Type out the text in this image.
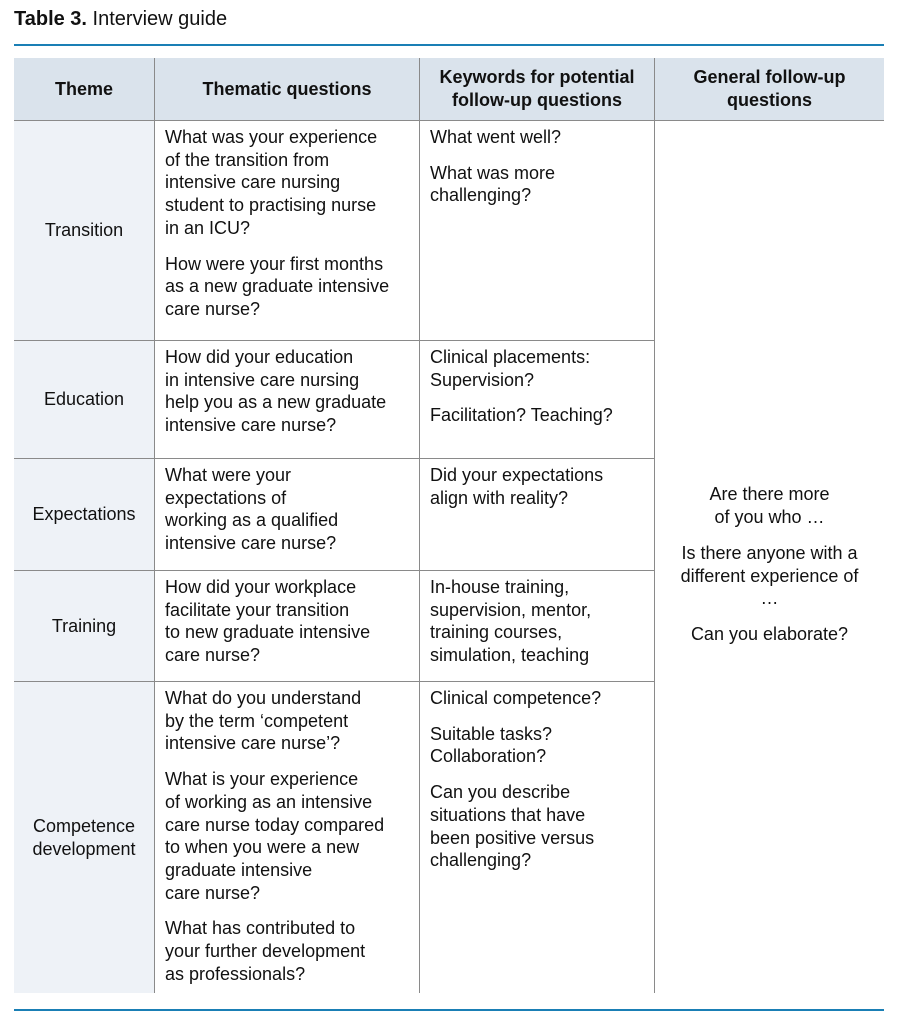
Table 3. Interview guide
Theme	Thematic questions
Keywords for potential
follow-up questions
General follow-up
questions
Transition

What was your experience
of the transition from
intensive care nursing
student to practising nurse
in an ICU?

How were your first months
as a new graduate intensive
care nurse?

What went well?

What was more
challenging?

Education

How did your education
in intensive care nursing
help you as a new graduate
intensive care nurse?

Clinical placements:
Supervision?

Facilitation? Teaching?

Expectations

What were your
expectations of
working as a qualified
intensive care nurse?

Did your expectations
align with reality?

Training

How did your workplace
facilitate your transition
to new graduate intensive
care nurse?

In-house training,
supervision, mentor,
training courses,
simulation, teaching

Competence
development

What do you understand
by the term ‘competent
intensive care nurse’?

What is your experience
of working as an intensive
care nurse today compared
to when you were a new
graduate intensive
care nurse?

What has contributed to
your further development
as professionals?

Clinical competence?

Suitable tasks?
Collaboration?

Can you describe
situations that have
been positive versus
challenging?

Are there more
of you who …

Is there anyone with a
different experience of
…

Can you elaborate?
